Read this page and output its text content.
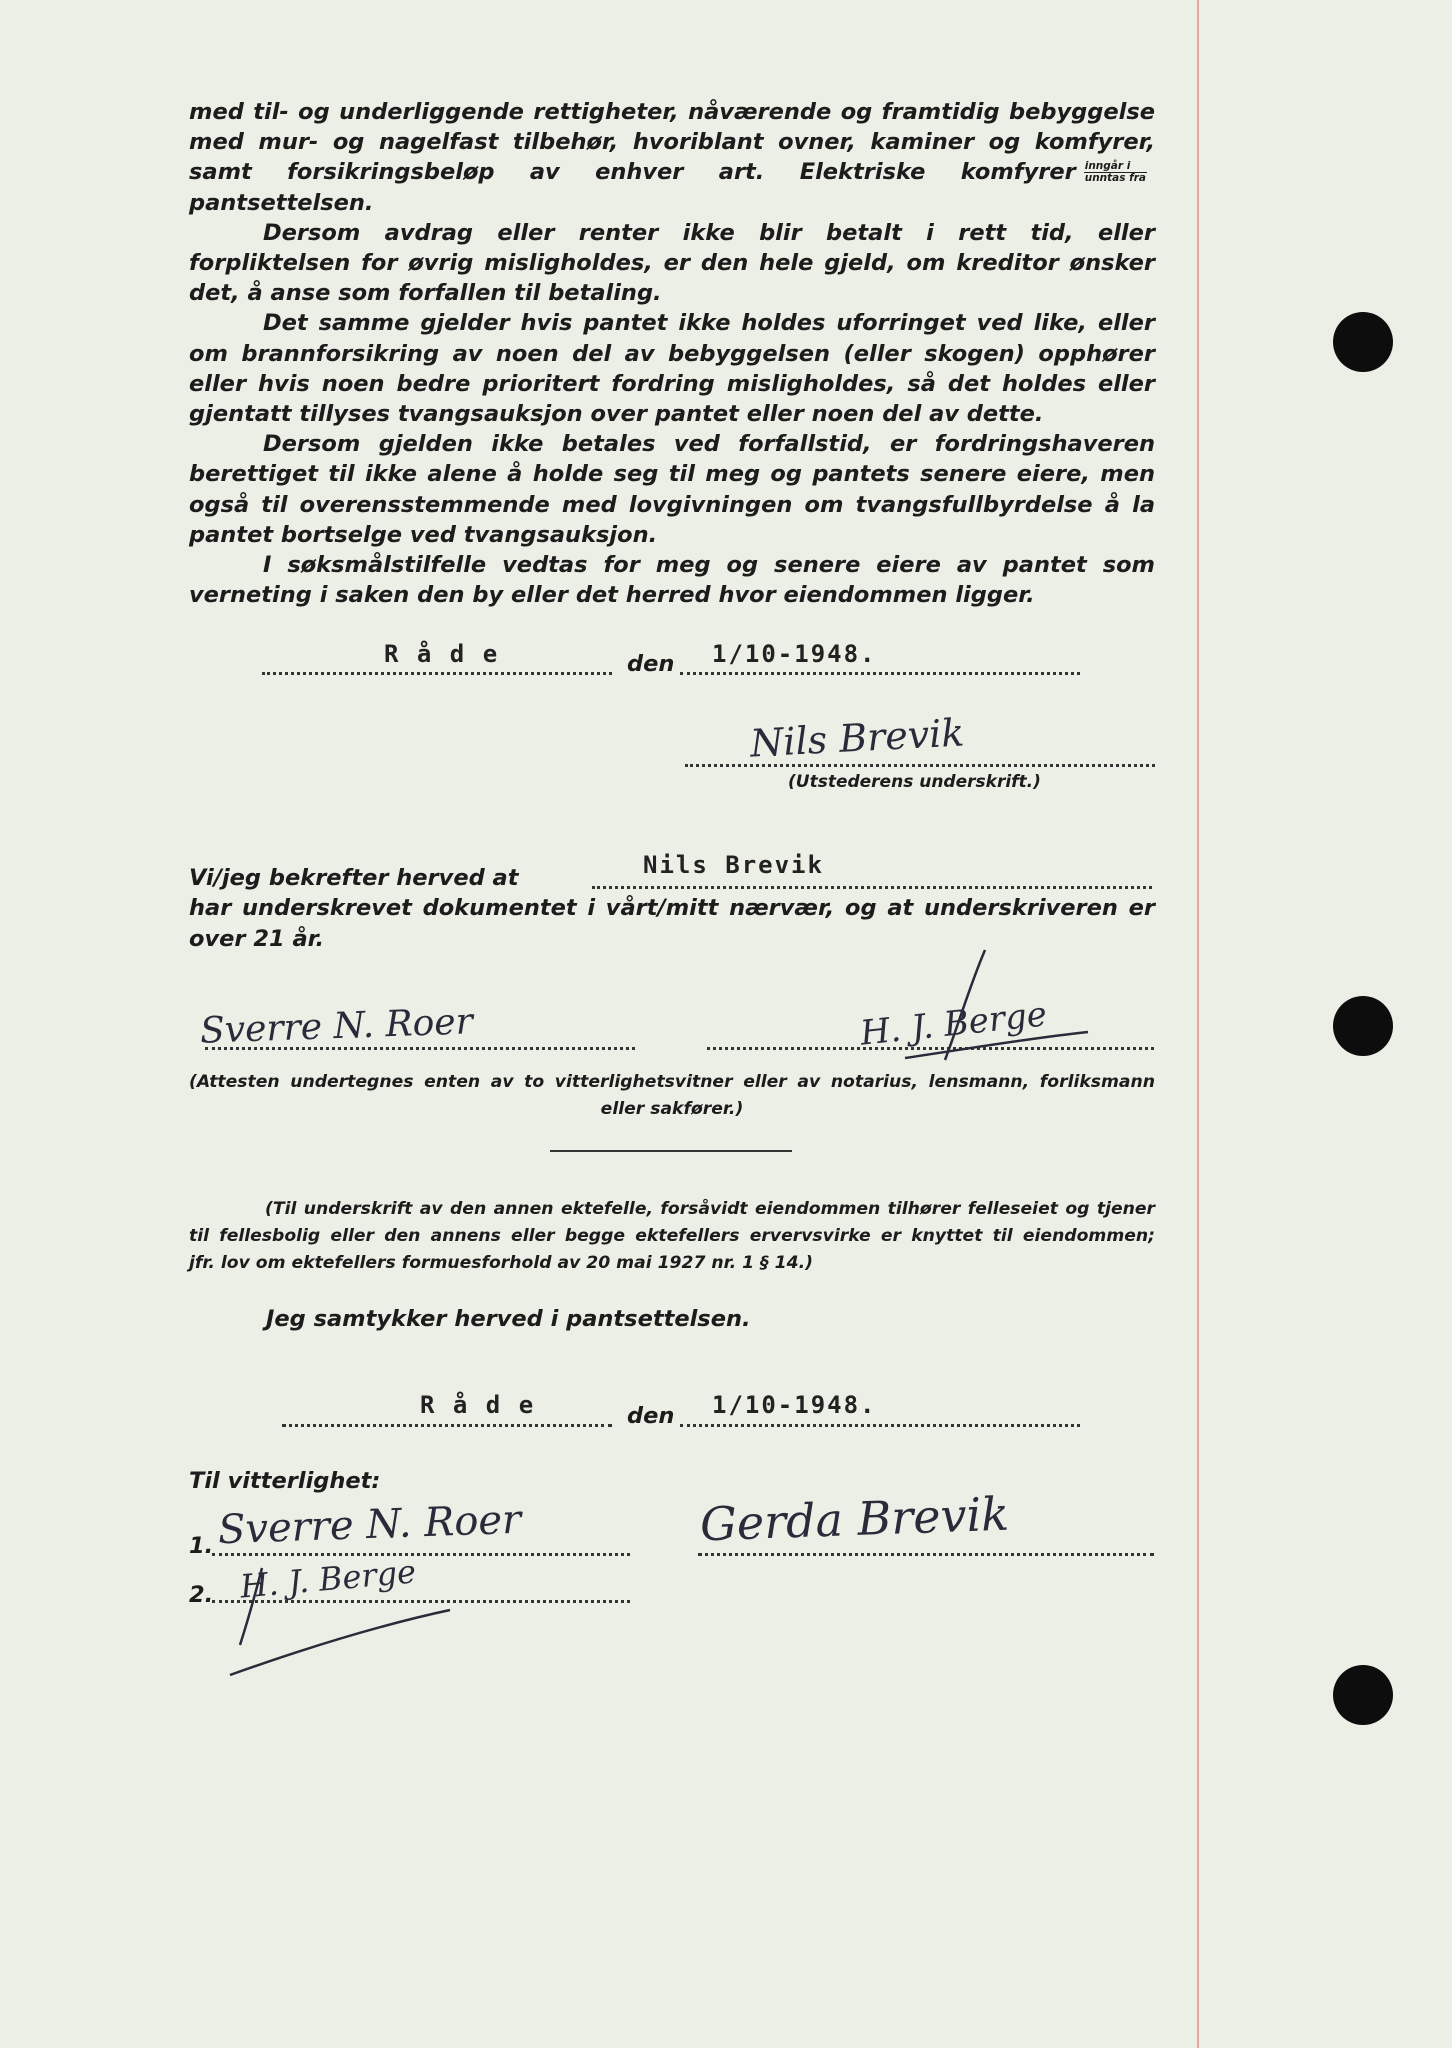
med til- og underliggende rettigheter, nåværende og framtidig bebyggelse med mur- og nagelfast tilbehør, hvoriblant ovner, kaminer og komfyrer, samt forsikringsbeløp av enhver art. Elektriske komfyrer $\frac{\text{inngår i}}{\text{unntas fra}}$
pantsettelsen.

Dersom avdrag eller renter ikke blir betalt i rett tid, eller forpliktelsen for øvrig misligholdes, er den hele gjeld, om kreditor ønsker det, å anse som forfallen til betaling.

Det samme gjelder hvis pantet ikke holdes uforringet ved like, eller om brannforsikring av noen del av bebyggelsen (eller skogen) opphører eller hvis noen bedre prioritert fordring misligholdes, så det holdes eller gjentatt tillyses tvangsauksjon over pantet eller noen del av dette.

Dersom gjelden ikke betales ved forfallstid, er fordringshaveren berettiget til ikke alene å holde seg til meg og pantets senere eiere, men også til overensstemmende med lovgivningen om tvangsfullbyrdelse å la pantet bortselge ved tvangsauksjon.

I søksmålstilfelle vedtas for meg og senere eiere av pantet som verneting i saken den by eller det herred hvor eiendommen ligger.

R å d e	den 1/10-1948.
Nils Brevik
(Utstederens underskrift.)
Vi/jeg bekrefter herved at	Nils Brevik
har underskrevet dokumentet i vårt/mitt nærvær, og at underskriveren er
over 21 år.
Sverre N. Roer	H. J. Berge
(Attesten undertegnes enten av to vitterlighetsvitner eller av notarius, lensmann, forliksmann
eller sakfører.)
(Til underskrift av den annen ektefelle, forsåvidt eiendommen tilhører felleseiet og tjener
til fellesbolig eller den annens eller begge ektefellers ervervsvirke er knyttet til eiendommen;
jfr. lov om ektefellers formuesforhold av 20 mai 1927 nr. 1 § 14.)
Jeg samtykker herved i pantsettelsen.
R å d e	den 1/10-1948.
Til vitterlighet:
1. Sverre N. Roer
2. H. J. Berge
Gerda Brevik
